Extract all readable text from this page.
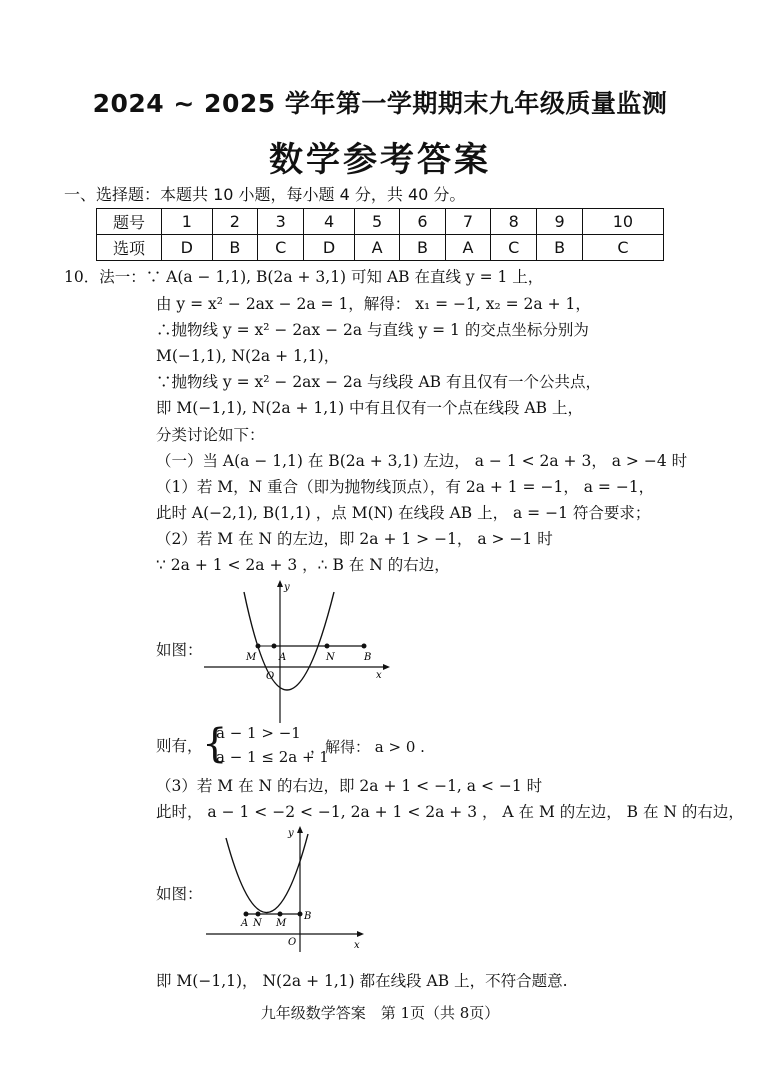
2024 ~ 2025 学年第一学期期末九年级质量监测
数学参考答案
一、选择题：本题共 10 小题，每小题 4 分，共 40 分。
题号	1	2	3	4	5	6	7	8	9	10
选项	D	B	C	D	A	B	A	C	B	C
10．法一：∵ A(a − 1,1), B(2a + 3,1) 可知 AB 在直线 y = 1 上，
由 y = x² − 2ax − 2a = 1，解得： x₁ = −1, x₂ = 2a + 1，
∴抛物线 y = x² − 2ax − 2a 与直线 y = 1 的交点坐标分别为
M(−1,1), N(2a + 1,1)，
∵抛物线 y = x² − 2ax − 2a 与线段 AB 有且仅有一个公共点，
即 M(−1,1), N(2a + 1,1) 中有且仅有一个点在线段 AB 上，
分类讨论如下：
（一）当 A(a − 1,1) 在 B(2a + 3,1) 左边， a − 1 < 2a + 3， a > −4 时
（1）若 M，N 重合（即为抛物线顶点），有 2a + 1 = −1， a = −1，
此时 A(−2,1), B(1,1) ，点 M(N) 在线段 AB 上， a = −1 符合要求；
（2）若 M 在 N 的左边，即 2a + 1 > −1， a > −1 时
∵ 2a + 1 < 2a + 3 ，∴ B 在 N 的右边，
如图：
y
x
O
M A	N	B
则有， {
a − 1 > −1
a − 1 ≤ 2a + 1
，解得： a > 0 .
（3）若 M 在 N 的右边，即 2a + 1 < −1, a < −1 时
此时， a − 1 < −2 < −1, 2a + 1 < 2a + 3 ， A 在 M 的左边， B 在 N 的右边，
如图：
y
x
O
A N M
B
即 M(−1,1)， N(2a + 1,1) 都在线段 AB 上，不符合题意.
九年级数学答案　第 1页（共 8页）
